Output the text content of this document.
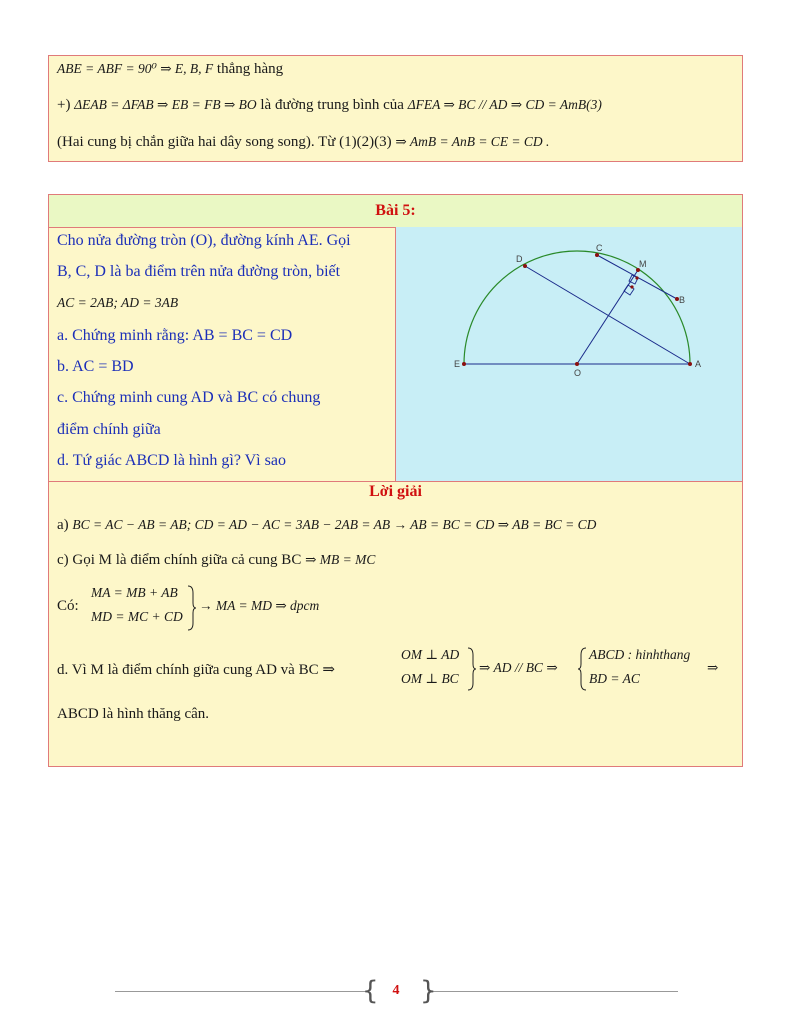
ABE = ABF = 90⁰ ⇒ E, B, F thẳng hàng
+) ΔEAB = ΔFAB ⇒ EB = FB ⇒ BO là đường trung bình của ΔFEA ⇒ BC // AD ⇒ CD = AmB(3)
(Hai cung bị chắn giữa hai dây song song). Từ (1)(2)(3) ⇒ AmB = AnB = CE = CD .
Bài 5:
Cho nửa đường tròn (O), đường kính AE. Gọi
B, C, D là ba điểm trên nửa đường tròn, biết
AC = 2AB; AD = 3AB
a. Chứng minh rằng: AB = BC = CD
b. AC = BD
c. Chứng minh cung AD và BC có chung
điểm chính giữa
d. Tứ giác ABCD là hình gì? Vì sao
D
C
M
B
E
O
A
Lời giải
a) BC = AC − AB = AB; CD = AD − AC = 3AB − 2AB = AB → AB = BC = CD ⇒ AB = BC = CD
c) Gọi M là điểm chính giữa cả cung BC ⇒ MB = MC
Có:
MA = MB + AB
MD = MC + CD
→ MA = MD ⇒ dpcm
d. Vì M là điểm chính giữa cung AD và BC ⇒
OM ⊥ AD
OM ⊥ BC
⇒ AD // BC ⇒
ABCD : hinhthang
BD = AC
⇒
ABCD là hình thăng cân.
{ }
4
